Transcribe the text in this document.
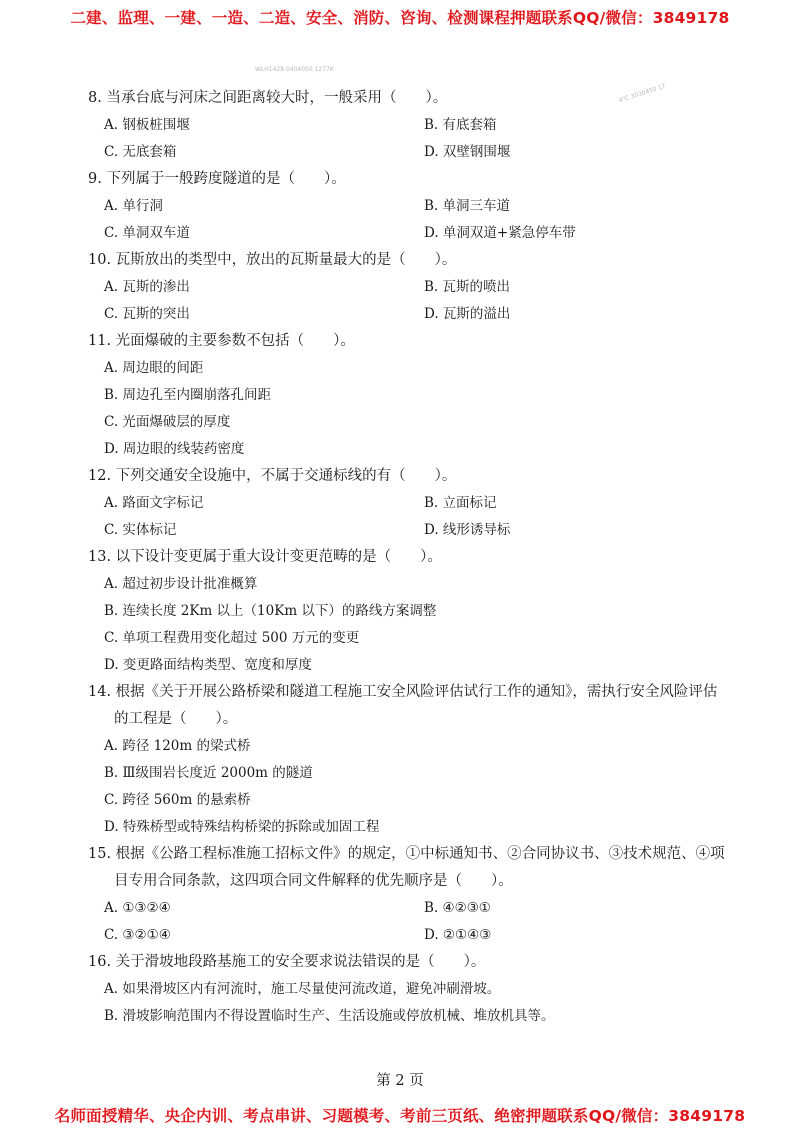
二建、监理、一建、一造、二造、安全、消防、咨询、检测课程押题联系QQ/微信：3849178
WLH1428 0404050 1277K
4℃ 3030450 17
8. 当承台底与河床之间距离较大时，一般采用（　　）。
A. 钢板桩围堰	B. 有底套箱
C. 无底套箱	D. 双壁钢围堰
9. 下列属于一般跨度隧道的是（　　）。
A. 单行洞	B. 单洞三车道
C. 单洞双车道	D. 单洞双道+紧急停车带
10. 瓦斯放出的类型中，放出的瓦斯量最大的是（　　）。
A. 瓦斯的渗出	B. 瓦斯的喷出
C. 瓦斯的突出	D. 瓦斯的溢出
11. 光面爆破的主要参数不包括（　　）。
A. 周边眼的间距
B. 周边孔至内圈崩落孔间距
C. 光面爆破层的厚度
D. 周边眼的线装药密度
12. 下列交通安全设施中，不属于交通标线的有（　　）。
A. 路面文字标记	B. 立面标记
C. 实体标记	D. 线形诱导标
13. 以下设计变更属于重大设计变更范畴的是（　　）。
A. 超过初步设计批准概算
B. 连续长度 2Km 以上（10Km 以下）的路线方案调整
C. 单项工程费用变化超过 500 万元的变更
D. 变更路面结构类型、宽度和厚度
14. 根据《关于开展公路桥梁和隧道工程施工安全风险评估试行工作的通知》，需执行安全风险评估的工程是（　　）。
A. 跨径 120m 的梁式桥
B. Ⅲ级围岩长度近 2000m 的隧道
C. 跨径 560m 的悬索桥
D. 特殊桥型或特殊结构桥梁的拆除或加固工程
15. 根据《公路工程标准施工招标文件》的规定，①中标通知书、②合同协议书、③技术规范、④项目专用合同条款，这四项合同文件解释的优先顺序是（　　）。
A. ①③②④	B. ④②③①
C. ③②①④	D. ②①④③
16. 关于滑坡地段路基施工的安全要求说法错误的是（　　）。
A. 如果滑坡区内有河流时，施工尽量使河流改道，避免冲刷滑坡。
B. 滑坡影响范围内不得设置临时生产、生活设施或停放机械、堆放机具等。
第 2 页
名师面授精华、央企内训、考点串讲、习题模考、考前三页纸、绝密押题联系QQ/微信：3849178
